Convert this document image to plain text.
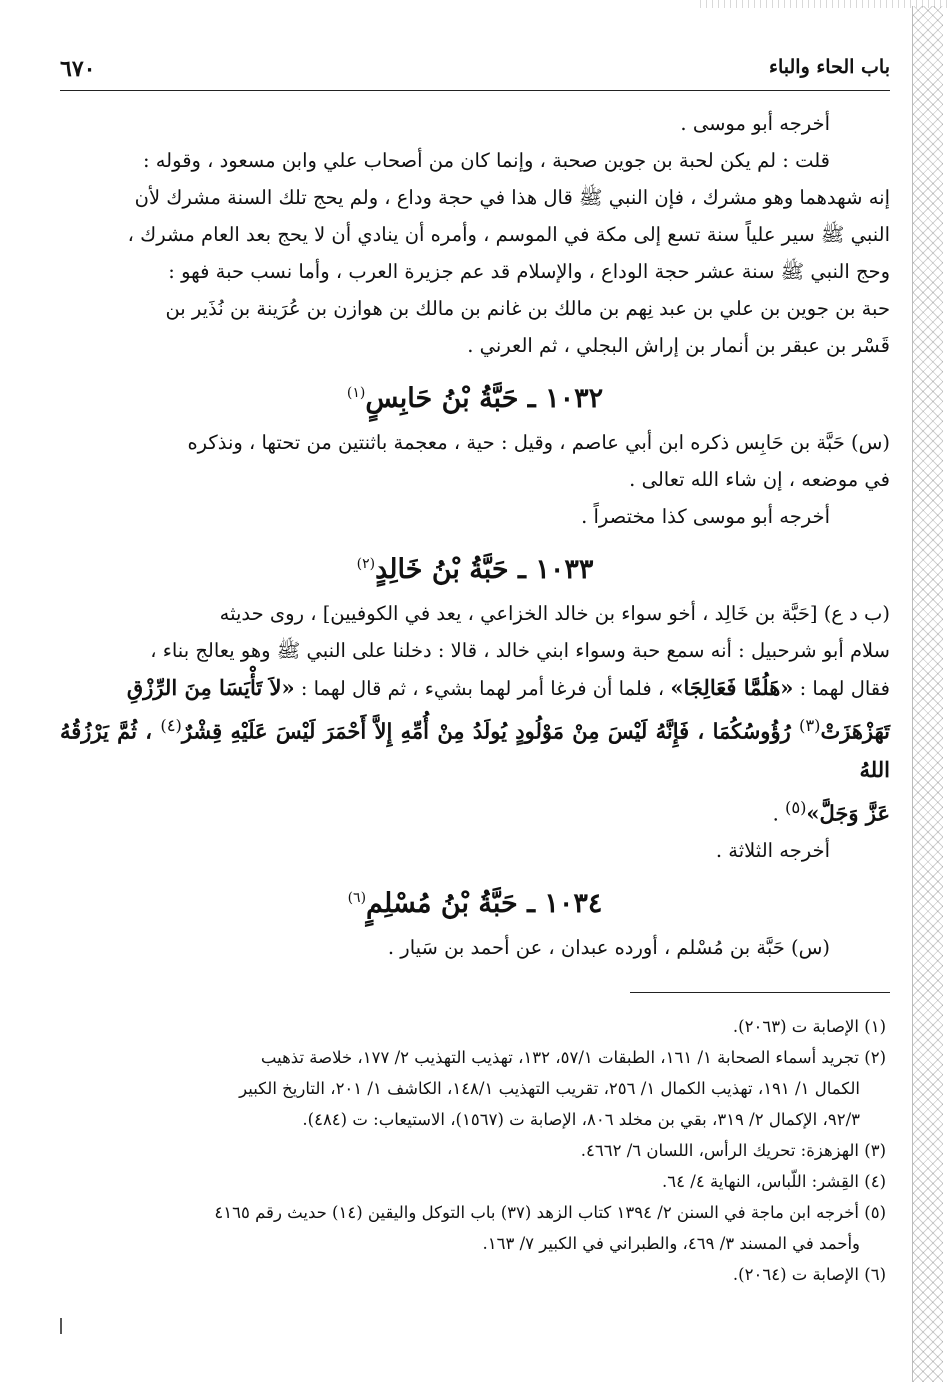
باب الحاء والباء
٦٧٠

أخرجه أبو موسى .

قلت : لم يكن لحبة بن جوين صحبة ، وإنما كان من أصحاب علي وابن مسعود ، وقوله :

إنه شهدهما وهو مشرك ، فإن النبي ﷺ قال هذا في حجة وداع ، ولم يحج تلك السنة مشرك لأن

النبي ﷺ سير علياً سنة تسع إلى مكة في الموسم ، وأمره أن ينادي أن لا يحج بعد العام مشرك ،

وحج النبي ﷺ سنة عشر حجة الوداع ، والإسلام قد عم جزيرة العرب ، وأما نسب حبة فهو :

حبة بن جوين بن علي بن عبد نِهم بن مالك بن غانم بن مالك بن هوازن بن عُرَينة بن نُذَير بن

قَسْر بن عبقر بن أنمار بن إراش البجلي ، ثم العرني .

١٠٣٢ ـ حَبَّةُ بْنُ حَابِسٍ$^{(١)}$

(س) حَبَّة بن حَابِس ذكره ابن أبي عاصم ، وقيل : حية ، معجمة باثنتين من تحتها ، ونذكره

في موضعه ، إن شاء الله تعالى .

أخرجه أبو موسى كذا مختصراً .

١٠٣٣ ـ حَبَّةُ بْنُ خَالِدٍ$^{(٢)}$

(ب د ع) [حَبَّة بن خَالِد ، أخو سواء بن خالد الخزاعي ، يعد في الكوفيين] ، روى حديثه

سلام أبو شرحبيل : أنه سمع حبة وسواء ابني خالد ، قالا : دخلنا على النبي ﷺ وهو يعالج بناء ،

فقال لهما : «هَلُمَّا فَعَالِجَا» ، فلما أن فرغا أمر لهما بشيء ، ثم قال لهما : «لاَ تَأْيَسَا مِنَ الرِّزْقِ

تَهَزْهَزَتْ$^{(٣)}$ رُؤُوسُكُمَا ، فَإِنَّهُ لَيْسَ مِنْ مَوْلُودٍ يُولَدُ مِنْ أُمِّهِ إِلاَّ أَحْمَرَ لَيْسَ عَلَيْهِ قِشْرٌ$^{(٤)}$ ، ثُمَّ يَرْزُقُهُ اللهُ

عَزَّ وَجَلَّ»$^{(٥)}$ .

أخرجه الثلاثة .

١٠٣٤ ـ حَبَّةُ بْنُ مُسْلِمٍ$^{(٦)}$

(س) حَبَّة بن مُسْلم ، أورده عبدان ، عن أحمد بن سَيار .

(١) الإصابة ت (٢٠٦٣).

(٢) تجريد أسماء الصحابة ١/ ١٦١، الطبقات ٥٧/١، ١٣٢، تهذيب التهذيب ٢/ ١٧٧، خلاصة تذهيب

الكمال ١/ ١٩١، تهذيب الكمال ١/ ٢٥٦، تقريب التهذيب ١٤٨/١، الكاشف ١/ ٢٠١، التاريخ الكبير

٩٢/٣، الإكمال ٢/ ٣١٩، بقي بن مخلد ٨٠٦، الإصابة ت (١٥٦٧)، الاستيعاب: ت (٤٨٤).

(٣) الهزهزة: تحريك الرأس، اللسان ٦/ ٤٦٦٢.

(٤) القِشر: اللّباس، النهاية ٤/ ٦٤.

(٥) أخرجه ابن ماجة في السنن ٢/ ١٣٩٤ كتاب الزهد (٣٧) باب التوكل واليقين (١٤) حديث رقم ٤١٦٥

وأحمد في المسند ٣/ ٤٦٩، والطبراني في الكبير ٧/ ١٦٣.

(٦) الإصابة ت (٢٠٦٤).
